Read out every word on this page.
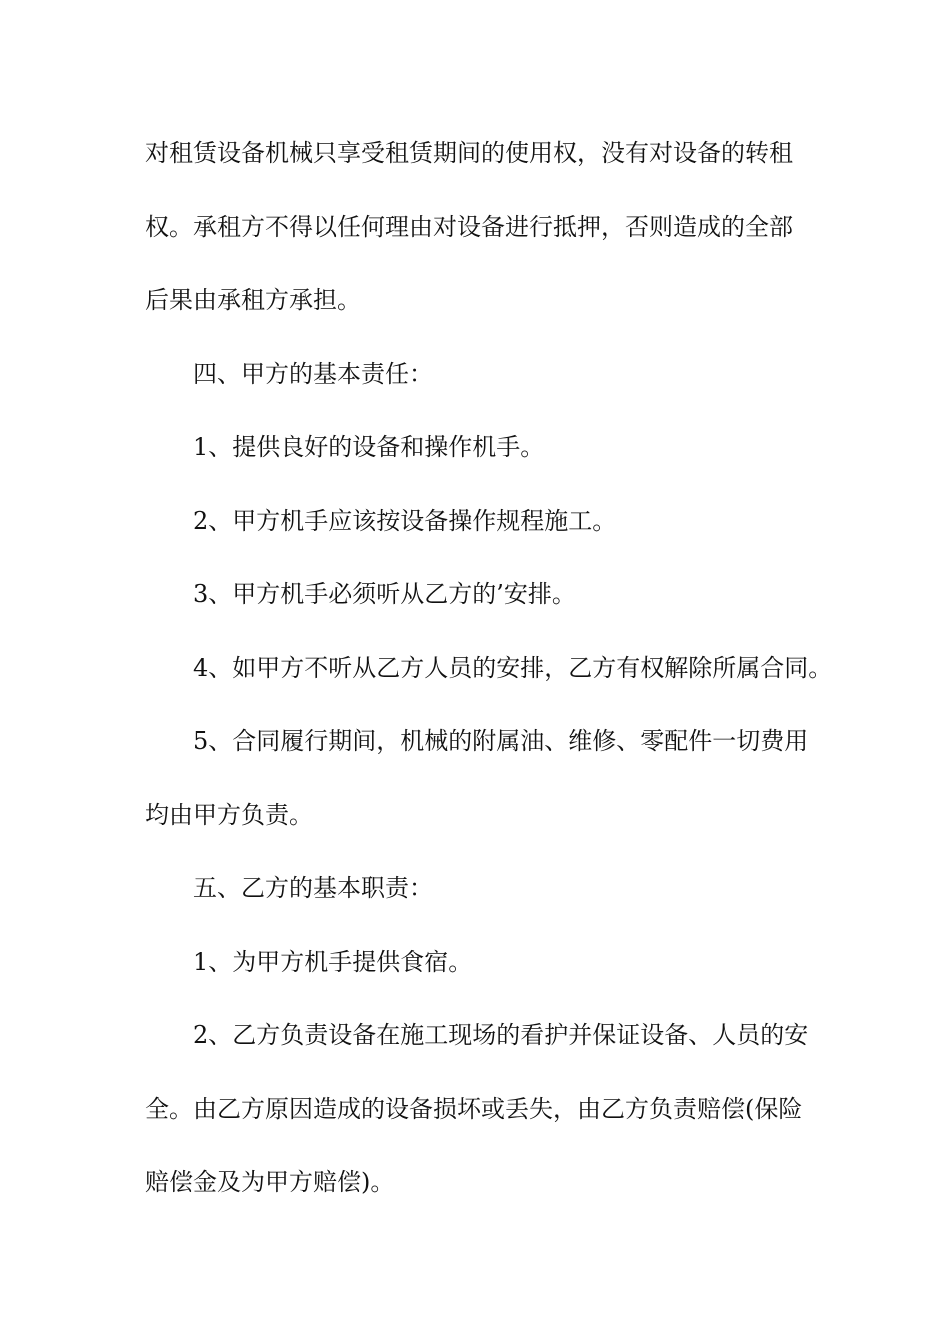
对租赁设备机械只享受租赁期间的使用权，没有对设备的转租
权。承租方不得以任何理由对设备进行抵押，否则造成的全部
后果由承租方承担。
四、甲方的基本责任：
1、提供良好的设备和操作机手。
2、甲方机手应该按设备操作规程施工。
3、甲方机手必须听从乙方的’安排。
4、如甲方不听从乙方人员的安排，乙方有权解除所属合同。
5、合同履行期间，机械的附属油、维修、零配件一切费用
均由甲方负责。
五、乙方的基本职责：
1、为甲方机手提供食宿。
2、乙方负责设备在施工现场的看护并保证设备、人员的安
全。由乙方原因造成的设备损坏或丢失，由乙方负责赔偿(保险
赔偿金及为甲方赔偿)。
